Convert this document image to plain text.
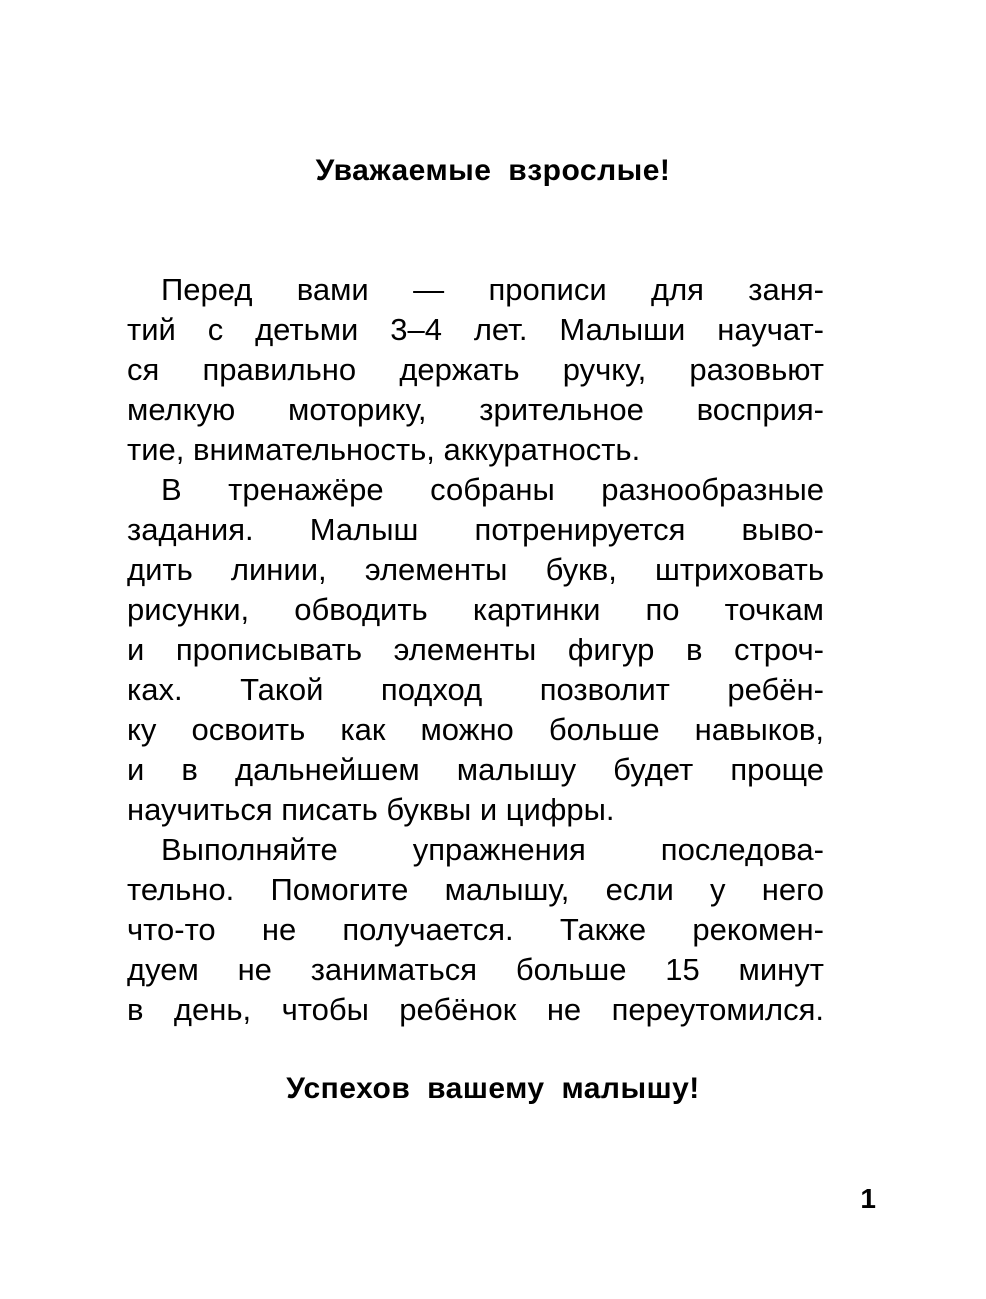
Уважаемые взрослые!
Перед вами — прописи для заня-
тий с детьми 3–4 лет. Малыши научат-
ся правильно держать ручку, разовьют
мелкую моторику, зрительное восприя-
тие, внимательность, аккуратность.
В тренажёре собраны разнообразные
задания. Малыш потренируется выво-
дить линии, элементы букв, штриховать
рисунки, обводить картинки по точкам
и прописывать элементы фигур в строч-
ках. Такой подход позволит ребён-
ку освоить как можно больше навыков,
и в дальнейшем малышу будет проще
научиться писать буквы и цифры.
Выполняйте упражнения последова-
тельно. Помогите малышу, если у него
что-то не получается. Также рекомен-
дуем не заниматься больше 15 минут
в день, чтобы ребёнок не переутомился.
Успехов вашему малышу!
1
